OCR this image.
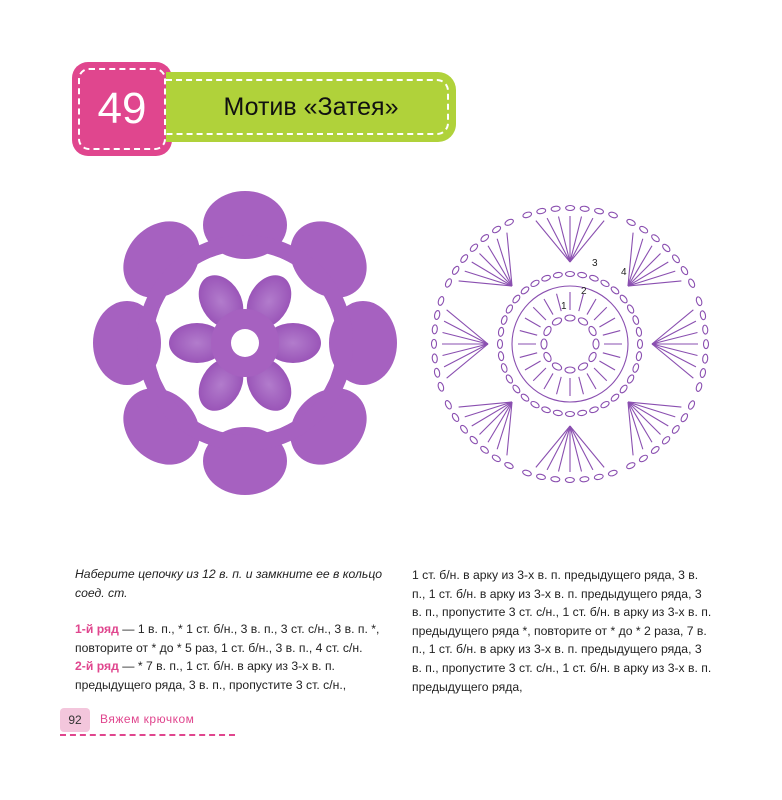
49	Мотив «Затея»
1
2
3
4

Наберите цепочку из 12 в. п. и замкните ее в кольцо соед. ст.

1-й ряд — 1 в. п., * 1 ст. б/н., 3 в. п., 3 ст. с/н., 3 в. п. *, повторите от * до * 5 раз, 1 ст. б/н., 3 в. п., 4 ст. с/н.

2-й ряд — * 7 в. п., 1 ст. б/н. в арку из 3-х в. п. предыдущего ряда, 3 в. п., пропустите 3 ст. с/н.,

1 ст. б/н. в арку из 3-х в. п. предыдущего ряда, 3 в. п., 1 ст. б/н. в арку из 3-х в. п. предыдущего ряда, 3 в. п., пропустите 3 ст. с/н., 1 ст. б/н. в арку из 3-х в. п. предыдущего ряда *, повторите от * до * 2 раза, 7 в. п., 1 ст. б/н. в арку из 3-х в. п. предыдущего ряда, 3 в. п., пропустите 3 ст. с/н., 1 ст. б/н. в арку из 3-х в. п. предыдущего ряда,

92	Вяжем крючком
